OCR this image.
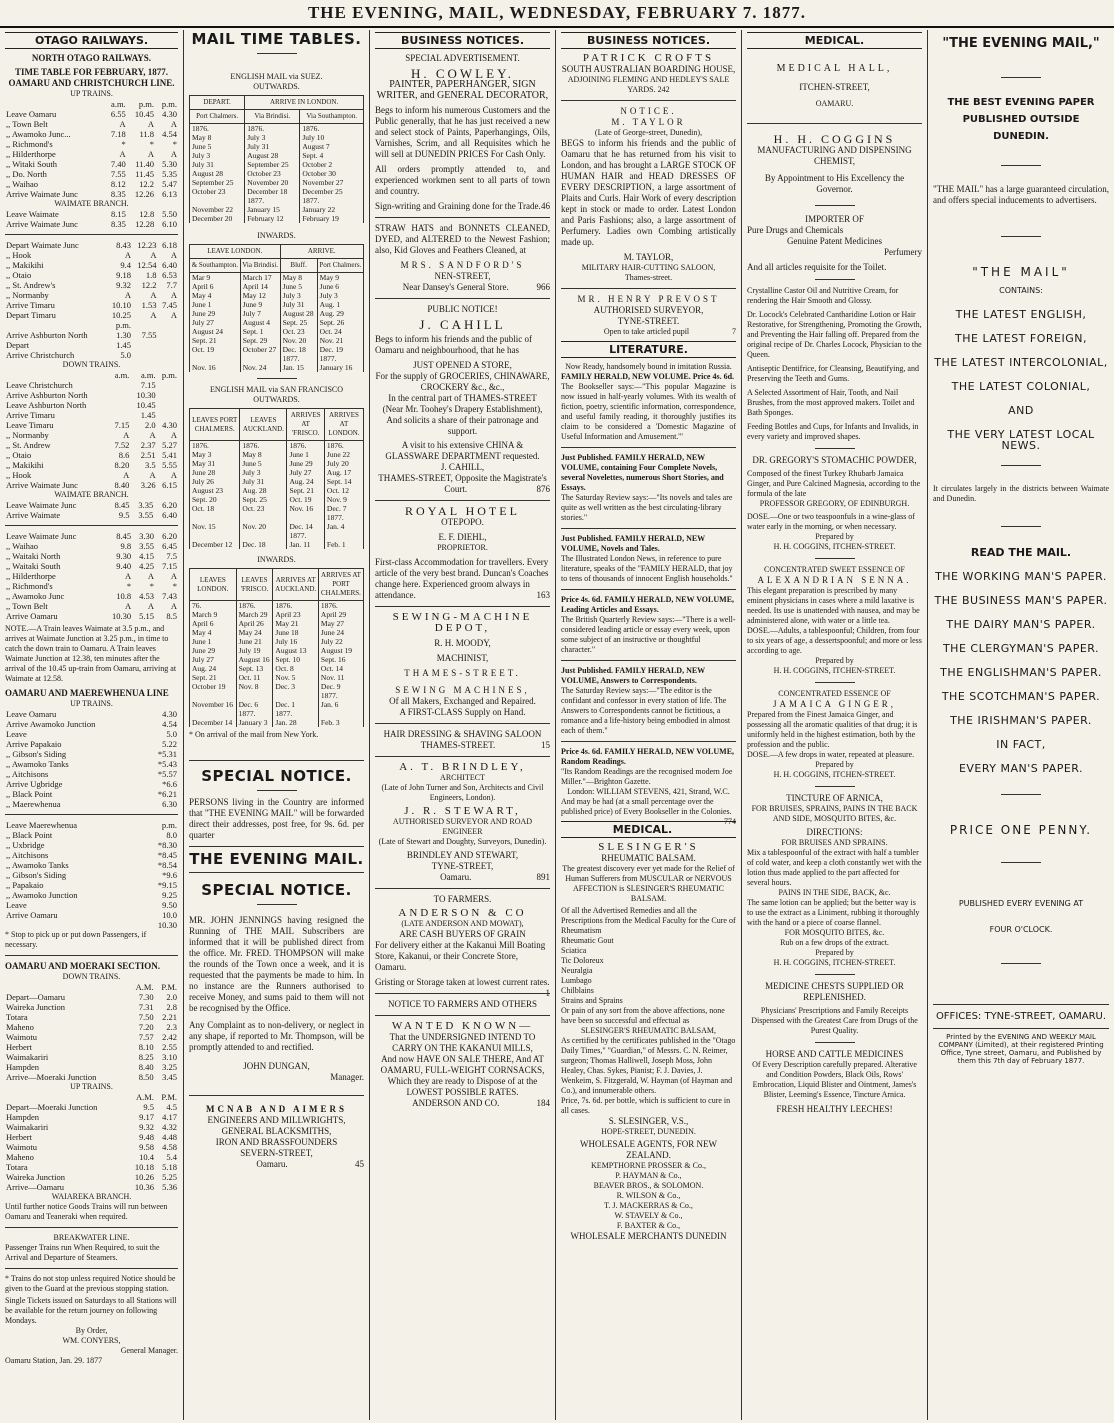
THE EVENING, MAIL, WEDNESDAY, FEBRUARY 7. 1877.
OTAGO RAILWAYS.
NORTH OTAGO RAILWAYS.
TIME TABLE FOR FEBRUARY, 1877.
OAMARU AND CHRISTCHURCH LINE.
UP TRAINS.
	a.m.	p.m.	p.m.
Leave Oamaru	6.55	10.45	4.30
,, Town Belt	A	A	A
,, Awamoko Junc...	7.18	11.8	4.54
,, Richmond's	*	*	*
,, Hilderthorpe	A	A	A
,, Witaki South	7.40	11.40	5.30
,, Do. North	7.55	11.45	5.35
,, Waihao	8.12	12.2	5.47
Arrive Waimate Junc	8.35	12.26	6.13
WAIMATE BRANCH.
Leave Waimate	8.15	12.8	5.50
Arrive Waimate Junc	8.35	12.28	6.10
Depart Waimate Junc	8.43	12.23	6.18
,, Hook	A	A	A
,, Makikihi	9.4	12.54	6.40
,, Otaio	9.18	1.8	6.53
,, St. Andrew's	9.32	12.2	7.7
,, Normanby	A	A	A
Arrive Timaru	10.10	1.53	7.45
Depart Timaru	10.25	A	A
	p.m.		
Arrive Ashburton North	1.30	7.55	
Depart	1.45		
Arrive Christchurch	5.0		
DOWN TRAINS.
	a.m.	a.m.	p.m.
Leave Christchurch		7.15	
Arrive Ashburton North		10.30	
Leave Ashburton North		10.45	
Arrive Timaru		1.45	
Leave Timaru	7.15	2.0	4.30
,, Normanby	A	A	A
,, St. Andrew	7.52	2.37	5.27
,, Otaio	8.6	2.51	5.41
,, Makikihi	8.20	3.5	5.55
,, Hook	A	A	A
Arrive Waimate Junc	8.40	3.26	6.15
WAIMATE BRANCH.
Leave Waimate Junc	8.45	3.35	6.20
Arrive Waimate	9.5	3.55	6.40
Leave Waimate Junc	8.45	3.30	6.20
,, Waihao	9.8	3.55	6.45
,, Waitaki North	9.30	4.15	7.5
,, Waitaki South	9.40	4.25	7.15
,, Hilderthorpe	A	A	A
,, Richmond's	*	*	*
,, Awamoko Junc	10.8	4.53	7.43
,, Town Belt	A	A	A
Arrive Oamaru	10.30	5.15	8.5
NOTE.—A Train leaves Waimate at 3.5 p.m., and arrives at Waimate Junction at 3.25 p.m., in time to catch the down train to Oamaru. A Train leaves Waimate Junction at 12.38, ten minutes after the arrival of the 10.45 up-train from Oamaru, arriving at Waimate at 12.58.
OAMARU AND MAEREWHENUA LINE
UP TRAINS.
Leave Oamaru	4.30
Arrive Awamoko Junction	4.54
Leave	5.0
Arrive Papakaio	5.22
,, Gibson's Siding	*5.31
,, Awamoko Tanks	*5.43
,, Aitchisons	*5.57
Arrive Ugbridge	*6.6
,, Black Point	*6.21
,, Maerewhenua	6.30
Leave Maerewhenua	p.m.
,, Black Point	8.0
,, Uxbridge	*8.30
,, Aitchisons	*8.45
,, Awamoko Tanks	*8.54
,, Gibson's Siding	*9.6
,, Papakaio	*9.15
,, Awamoko Junction	9.25
Leave	9.50
Arrive Oamaru	10.0
	10.30
* Stop to pick up or put down Passengers, if necessary.
OAMARU AND MOERAKI SECTION.
DOWN TRAINS.
	A.M.	P.M.
Depart—Oamaru	7.30	2.0
Waireka Junction	7.31	2.8
Totara	7.50	2.21
Maheno	7.20	2.3
Waimotu	7.57	2.42
Herbert	8.10	2.55
Waimakariri	8.25	3.10
Hampden	8.40	3.25
Arrive—Moeraki Junction	8.50	3.45
UP TRAINS.
	A.M.	P.M.
Depart—Moeraki Junction	9.5	4.5
Hampden	9.17	4.17
Waimakariri	9.32	4.32
Herbert	9.48	4.48
Waimotu	9.58	4.58
Maheno	10.4	5.4
Totara	10.18	5.18
Waireka Junction	10.26	5.25
Arrive—Oamaru	10.36	5.36
WAIAREKA BRANCH.
Until further notice Goods Trains will run between Oamaru and Teaneraki when required.
BREAKWATER LINE.
Passenger Trains run When Required, to suit the Arrival and Departure of Steamers.
* Trains do not stop unless required Notice should be given to the Guard at the previous stopping station.
Single Tickets issued on Saturdays to all Stations will be available for the return journey on following Mondays.
By Order,
WM. CONYERS,
General Manager.
Oamaru Station, Jan. 29. 1877
MAIL TIME TABLES.
ENGLISH MAIL via SUEZ.
OUTWARDS.
DEPART.	ARRIVE IN LONDON.	
Port Chalmers.	Via Brindisi.	Via Southampton.
1876.	1876.	1876.
May 8	July 3	July 10
June 5	July 31	August 7
July 3	August 28	Sept. 4
July 31	September 25	October 2
August 28	October 23	October 30
September 25	November 20	November 27
October 23	December 18	December 25
	1877.	1877.
November 22	January 15	January 22
December 20	February 12	February 19
INWARDS.
LEAVE LONDON.		ARRIVE.	
& Southampton.	Via Brindisi.	Bluff.	Port Chalmers.
Mar 9	March 17	May 8	May 9
April 6	April 14	June 5	June 6
May 4	May 12	July 3	July 3
June 1	June 9	July 31	Aug. 1
June 29	July 7	August 28	Aug. 29
July 27	August 4	Sept. 25	Sept. 26
August 24	Sept. 1	Oct. 23	Oct. 24
Sept. 21	Sept. 29	Nov. 20	Nov. 21
Oct. 19	October 27	Dec. 18	Dec. 19
		1877.	1877.
Nov. 16	Nov. 24	Jan. 15	January 16
ENGLISH MAIL via SAN FRANCISCO
OUTWARDS.
LEAVES PORT CHALMERS.	LEAVES AUCKLAND.	ARRIVES AT 'FRISCO.	ARRIVES AT LONDON.
1876.	1876.	1876.	1876.
May 3	May 8	June 1	June 22
May 31	June 5	June 29	July 20
June 28	July 3	July 27	Aug. 17
July 26	July 31	Aug. 24	Sept. 14
August 23	Aug. 28	Sept. 21	Oct. 12
Sept. 20	Sept. 25	Oct. 19	Nov. 9
Oct. 18	Oct. 23	Nov. 16	Dec. 7
			1877.
Nov. 15	Nov. 20	Dec. 14	Jan. 4
		1877.	
December 12	Dec. 18	Jan. 11	Feb. 1
INWARDS.
LEAVES LONDON.	LEAVES 'FRISCO.	ARRIVES AT AUCKLAND.	ARRIVES AT PORT CHALMERS.
76.	1876.	1876.	1876.
March 9	March 29	April 23	April 29
April 6	April 26	May 21	May 27
May 4	May 24	June 18	June 24
June 1	June 21	July 16	July 22
June 29	July 19	August 13	August 19
July 27	August 16	Sept. 10	Sept. 16
Aug. 24	Sept. 13	Oct. 8	Oct. 14
Sept. 21	Oct. 11	Nov. 5	Nov. 11
October 19	Nov. 8	Dec. 3	Dec. 9
			1877.
November 16	Dec. 6	Dec. 1	Jan. 6
	1877.	1877.	
December 14	January 3	Jan. 28	Feb. 3
* On arrival of the mail from New York.
SPECIAL NOTICE.
PERSONS living in the Country are informed that "THE EVENING MAIL" will be forwarded direct their addresses, post free, for 9s. 6d. per quarter
THE EVENING MAIL.
SPECIAL NOTICE.
MR. JOHN JENNINGS having resigned the Running of THE MAIL Subscribers are informed that it will be published direct from the office. Mr. FRED. THOMPSON will make the rounds of the Town once a week, and it is requested that the payments be made to him. In no instance are the Runners authorised to receive Money, and sums paid to them will not be recognised by the Office.
Any Complaint as to non-delivery, or neglect in any shape, if reported to Mr. Thompson, will be promptly attended to and rectified.
JOHN DUNGAN,
Manager.
MCNAB AND AIMERS
ENGINEERS AND MILLWRIGHTS,
GENERAL BLACKSMITHS,
IRON AND BRASSFOUNDERS
SEVERN-STREET,
Oamaru.	45
BUSINESS NOTICES.
SPECIAL ADVERTISEMENT.
H. COWLEY.
PAINTER, PAPERHANGER, SIGN WRITER, and GENERAL DECORATOR,
Begs to inform his numerous Customers and the Public generally, that he has just received a new and select stock of Paints, Paperhangings, Oils, Varnishes, Scrim, and all Requisites which he will sell at DUNEDIN PRICES For Cash Only.
All orders promptly attended to, and experienced workmen sent to all parts of town and country.
Sign-writing and Graining done for the Trade. 46
STRAW HATS and BONNETS CLEANED, DYED, and ALTERED to the Newest Fashion; also, Kid Gloves and Feathers Cleaned, at
MRS. SANDFORD'S
NEN-STREET,
Near Dansey's General Store.	966
PUBLIC NOTICE!
J. CAHILL
Begs to inform his friends and the public of Oamaru and neighbourhood, that he has
JUST OPENED A STORE,
For the supply of GROCERIES, CHINAWARE, CROCKERY &c., &c.,
In the central part of THAMES-STREET
(Near Mr. Toohey's Drapery Establishment), And solicits a share of their patronage and support.
A visit to his extensive CHINA & GLASSWARE DEPARTMENT requested.
J. CAHILL,
THAMES-STREET, Opposite the Magistrate's Court.	876
ROYAL HOTEL
OTEPOPO.
E. F. DIEHL,
PROPRIETOR.
First-class Accommodation for travellers. Every article of the very best brand. Duncan's Coaches change here. Experienced groom always in attendance.	163
SEWING-MACHINE DEPOT,
R. H. MOODY,
MACHINIST,
THAMES-STREET.
SEWING MACHINES,
Of all Makers, Exchanged and Repaired.
A FIRST-CLASS Supply on Hand.
HAIR DRESSING & SHAVING SALOON
THAMES-STREET.	15
A. T. BRINDLEY,
ARCHITECT
(Late of John Turner and Son, Architects and Civil Engineers, London).
J. R. STEWART,
AUTHORISED SURVEYOR AND ROAD ENGINEER
(Late of Stewart and Doughty, Surveyors, Dunedin).
BRINDLEY AND STEWART,
TYNE-STREET,
Oamaru.	891
TO FARMERS.
ANDERSON & CO
(LATE ANDERSON AND MOWAT),
ARE CASH BUYERS OF GRAIN
For delivery either at the Kakanui Mill Boating Store, Kakanui, or their Concrete Store, Oamaru.
Gristing or Storage taken at lowest current rates.
1
NOTICE TO FARMERS AND OTHERS
WANTED KNOWN—
That the UNDERSIGNED INTEND TO CARRY ON THE KAKANUI MILLS,
And now HAVE ON SALE THERE, And AT OAMARU, FULL-WEIGHT CORNSACKS,
Which they are ready to Dispose of at the LOWEST POSSIBLE RATES.
ANDERSON AND CO.	184
BUSINESS NOTICES.
PATRICK CROFTS
SOUTH AUSTRALIAN BOARDING HOUSE,
ADJOINING FLEMING AND HEDLEY'S SALE YARDS. 242
NOTICE.
M. TAYLOR
(Late of George-street, Dunedin),
BEGS to inform his friends and the public of Oamaru that he has returned from his visit to London, and has brought a LARGE STOCK OF HUMAN HAIR and HEAD DRESSES OF EVERY DESCRIPTION, a large assortment of Plaits and Curls. Hair Work of every description kept in stock or made to order. Latest London and Paris Fashions; also, a large assortment of Perfumery. Ladies own Combing artistically made up.
M. TAYLOR,
MILITARY HAIR-CUTTING SALOON,
Thames-street.
MR. HENRY PREVOST
AUTHORISED SURVEYOR,
TYNE-STREET.
Open to take articled pupil	7
LITERATURE.
Now Ready, handsomely bound in imitation Russia.
FAMILY HERALD, NEW VOLUME. Price 4s. 6d.
The Bookseller says:—"This popular Magazine is now issued in half-yearly volumes. With its wealth of fiction, poetry, scientific information, correspondence, and useful family reading, it thoroughly justifies its claim to be considered a 'Domestic Magazine of Useful Information and Amusement.'"
Just Published. FAMILY HERALD, NEW VOLUME, containing Four Complete Novels, several Novelettes, numerous Short Stories, and Essays.
The Saturday Review says:—"Its novels and tales are quite as well written as the best circulating-library stories."
Just Published. FAMILY HERALD, NEW VOLUME, Novels and Tales.
The Illustrated London News, in reference to pure literature, speaks of the "FAMILY HERALD, that joy to tens of thousands of innocent English households."
Price 4s. 6d. FAMILY HERALD, NEW VOLUME, Leading Articles and Essays.
The British Quarterly Review says:—"There is a well-considered leading article or essay every week, upon some subject of an instructive or thoughtful character."
Just Published. FAMILY HERALD, NEW VOLUME, Answers to Correspondents.
The Saturday Review says:—"The editor is the confidant and confessor in every station of life. The Answers to Correspondents cannot be fictitious, a romance and a life-history being embodied in almost each of them."
Price 4s. 6d. FAMILY HERALD, NEW VOLUME, Random Readings.
"Its Random Readings are the recognised modern Joe Miller."—Brighton Gazette.
London: WILLIAM STEVENS, 421, Strand, W.C.
And may be had (at a small percentage over the published price) of Every Bookseller in the Colonies.
774
MEDICAL.
SLESINGER'S
RHEUMATIC BALSAM.
The greatest discovery ever yet made for the Relief of Human Sufferers from MUSCULAR or NERVOUS AFFECTION is SLESINGER'S RHEUMATIC BALSAM.
Of all the Advertised Remedies and all the Prescriptions from the Medical Faculty for the Cure of
Rheumatism
Rheumatic Gout
Sciatica
Tic Doloreux
Neuralgia
Lumbago
Chilblains
Strains and Sprains
Or pain of any sort from the above affections, none have been so successful and effectual as
SLESINGER'S RHEUMATIC BALSAM,
As certified by the certificates published in the "Otago Daily Times," "Guardian," of Messrs. C. N. Reimer, surgeon; Thomas Halliwell, Joseph Moss, John Healey, Chas. Sykes, Pianist; F. J. Davies, J. Wenkeim, S. Fitzgerald, W. Hayman (of Hayman and Co.), and innumerable others.
Price, 7s. 6d. per bottle, which is sufficient to cure in all cases.
S. SLESINGER, V.S.,
HOPE-STREET, DUNEDIN.
WHOLESALE AGENTS, FOR NEW ZEALAND.
KEMPTHORNE PROSSER & Co.,
P. HAYMAN & Co.,
BEAVER BROS., & SOLOMON.
R. WILSON & Co.,
T. J. MACKERRAS & Co.,
W. STAVELY & Co.,
F. BAXTER & Co.,
WHOLESALE MERCHANTS DUNEDIN
MEDICAL.
MEDICAL HALL,
ITCHEN-STREET,
OAMARU.
H. H. COGGINS
MANUFACTURING AND DISPENSING CHEMIST,
By Appointment to His Excellency the Governor.
IMPORTER OF
Pure Drugs and Chemicals
Genuine Patent Medicines
Perfumery
And all articles requisite for the Toilet.
Crystalline Castor Oil and Nutritive Cream, for rendering the Hair Smooth and Glossy.
Dr. Locock's Celebrated Cantharidine Lotion or Hair Restorative, for Strengthening, Promoting the Growth, and Preventing the Hair falling off. Prepared from the original recipe of Dr. Charles Locock, Physician to the Queen.
Antiseptic Dentifrice, for Cleansing, Beautifying, and Preserving the Teeth and Gums.
A Selected Assortment of Hair, Tooth, and Nail Brushes, from the most approved makers. Toilet and Bath Sponges.
Feeding Bottles and Cups, for Infants and Invalids, in every variety and improved shapes.
DR. GREGORY'S STOMACHIC POWDER,
Composed of the finest Turkey Rhubarb Jamaica Ginger, and Pure Calcined Magnesia, according to the formula of the late
PROFESSOR GREGORY, OF EDINBURGH.
DOSE.—One or two teaspoonfuls in a wine-glass of water early in the morning, or when necessary.
Prepared by
H. H. COGGINS, ITCHEN-STREET.
CONCENTRATED SWEET ESSENCE OF
ALEXANDRIAN SENNA.
This elegant preparation is prescribed by many eminent physicians in cases where a mild laxative is needed. Its use is unattended with nausea, and may be administered alone, with water or a little tea.
DOSE.—Adults, a tablespoonful; Children, from four to six years of age, a dessertspoonful; and more or less according to age.
Prepared by
H. H. COGGINS, ITCHEN-STREET.
CONCENTRATED ESSENCE OF
JAMAICA GINGER,
Prepared from the Finest Jamaica Ginger, and possessing all the aromatic qualities of that drug; it is uniformly held in the highest estimation, both by the profession and the public.
DOSE.—A few drops in water, repeated at pleasure.
Prepared by
H. H. COGGINS, ITCHEN-STREET.
TINCTURE OF ARNICA,
FOR BRUISES, SPRAINS, PAINS IN THE BACK AND SIDE, MOSQUITO BITES, &c.
DIRECTIONS:
FOR BRUISES AND SPRAINS.
Mix a tablespoonful of the extract with half a tumbler of cold water, and keep a cloth constantly wet with the lotion thus made applied to the part affected for several hours.
PAINS IN THE SIDE, BACK, &c.
The same lotion can be applied; but the better way is to use the extract as a Liniment, rubbing it thoroughly with the hand or a piece of coarse flannel.
FOR MOSQUITO BITES, &c.
Rub on a few drops of the extract.
Prepared by
H. H. COGGINS, ITCHEN-STREET.
MEDICINE CHESTS SUPPLIED OR REPLENISHED.
Physicians' Prescriptions and Family Receipts Dispensed with the Greatest Care from Drugs of the Purest Quality.
HORSE AND CATTLE MEDICINES
Of Every Description carefully prepared. Alterative and Condition Powders, Black Oils, Rows' Embrocation, Liquid Blister and Ointment, James's Blister, Leeming's Essence, Tincture Arnica.
FRESH HEALTHY LEECHES!
"THE EVENING MAIL,"
THE BEST EVENING PAPER PUBLISHED OUTSIDE DUNEDIN.
"THE MAIL" has a large guaranteed circulation, and offers special inducements to advertisers.
"THE MAIL"
CONTAINS:
THE LATEST ENGLISH,
THE LATEST FOREIGN,
THE LATEST INTERCOLONIAL,
THE LATEST COLONIAL,
AND
THE VERY LATEST LOCAL NEWS.
It circulates largely in the districts between Waimate and Dunedin.
READ THE MAIL.
THE WORKING MAN'S PAPER.
THE BUSINESS MAN'S PAPER.
THE DAIRY MAN'S PAPER.
THE CLERGYMAN'S PAPER.
THE ENGLISHMAN'S PAPER.
THE SCOTCHMAN'S PAPER.
THE IRISHMAN'S PAPER.
IN FACT,
EVERY MAN'S PAPER.
PRICE ONE PENNY.
PUBLISHED EVERY EVENING AT
FOUR O'CLOCK.
OFFICES: TYNE-STREET, OAMARU.
Printed by the EVENING AND WEEKLY MAIL COMPANY (Limited), at their registered Printing Office, Tyne street, Oamaru, and Published by them this 7th day of February 1877.
